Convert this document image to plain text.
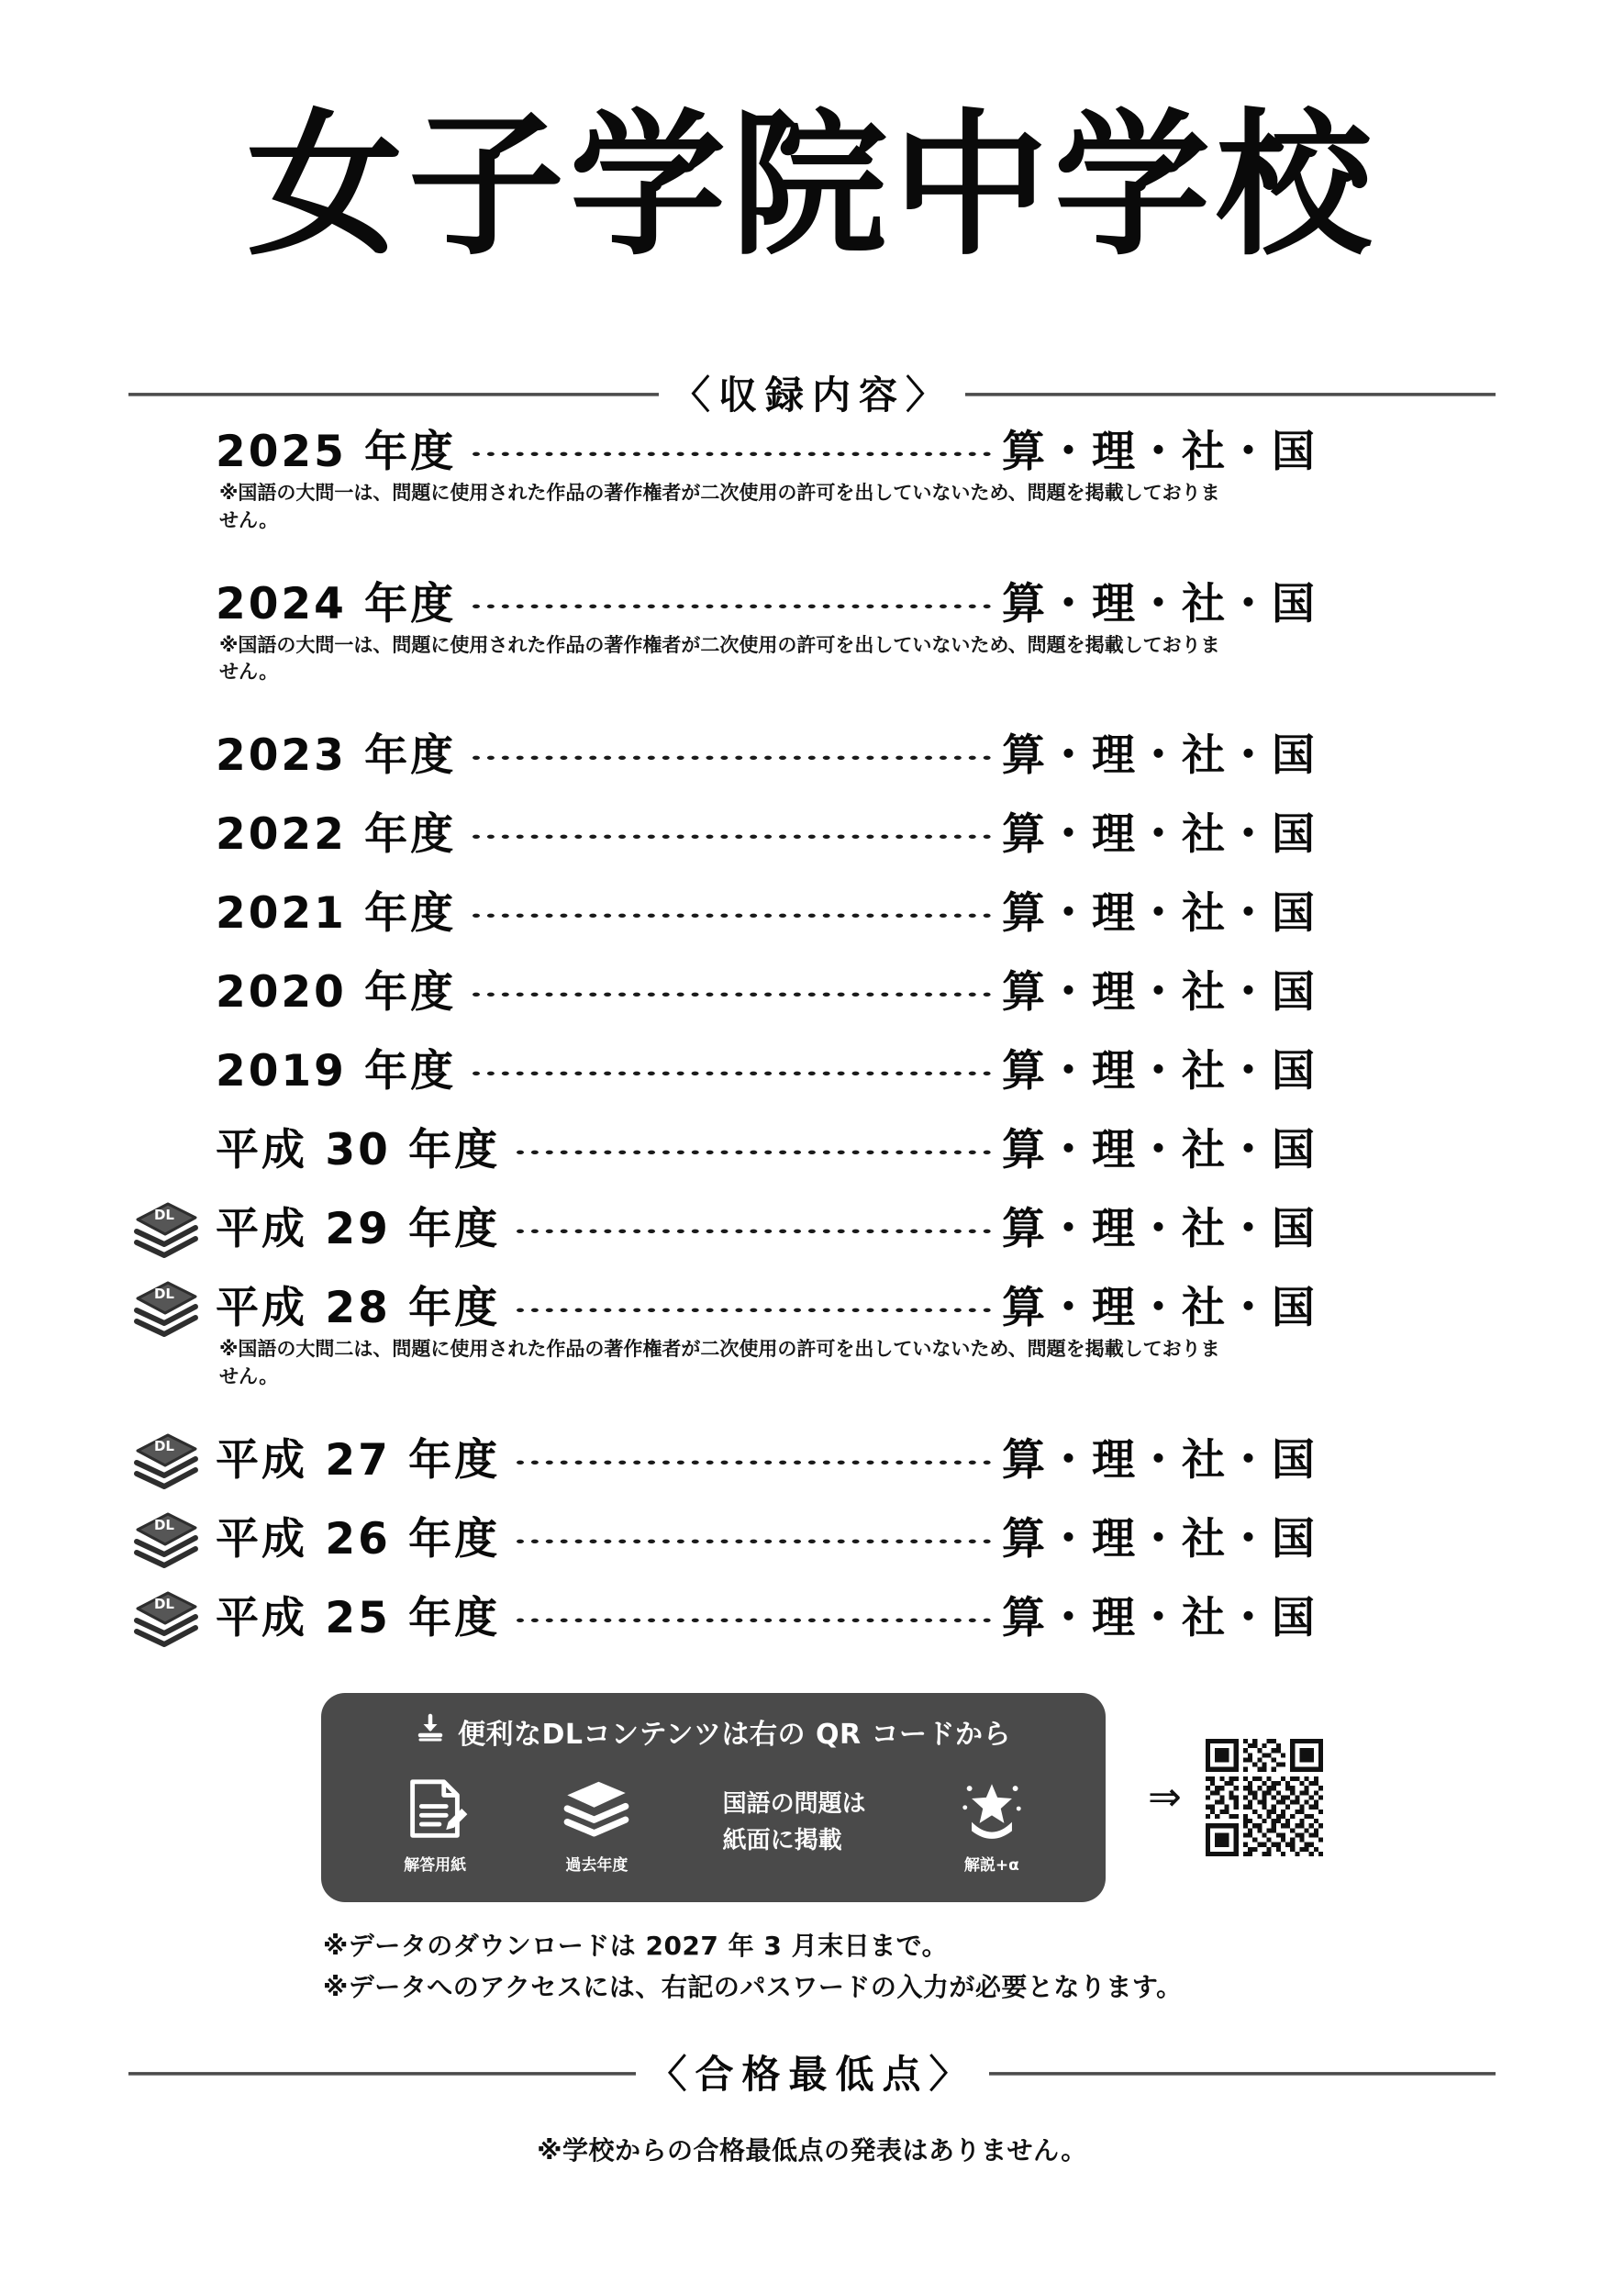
女子学院中学校
〈収録内容〉
2025 年度	算・理・社・国
※国語の大問一は、問題に使用された作品の著作権者が二次使用の許可を出していないため、問題を掲載しておりません。
2024 年度	算・理・社・国
※国語の大問一は、問題に使用された作品の著作権者が二次使用の許可を出していないため、問題を掲載しておりません。
2023 年度	算・理・社・国
2022 年度	算・理・社・国
2021 年度	算・理・社・国
2020 年度	算・理・社・国
2019 年度	算・理・社・国
平成 30 年度	算・理・社・国
DL 平成 29 年度	算・理・社・国
DL 平成 28 年度	算・理・社・国
※国語の大問二は、問題に使用された作品の著作権者が二次使用の許可を出していないため、問題を掲載しておりません。
DL 平成 27 年度	算・理・社・国
DL 平成 26 年度	算・理・社・国
DL 平成 25 年度	算・理・社・国
便利なDLコンテンツは右の QR コードから
解答用紙	過去年度
国語の問題は
紙面に掲載
解説+α
⇒
※データのダウンロードは 2027 年 3 月末日まで。
※データへのアクセスには、右記のパスワードの入力が必要となります。
〈合格最低点〉
※学校からの合格最低点の発表はありません。
